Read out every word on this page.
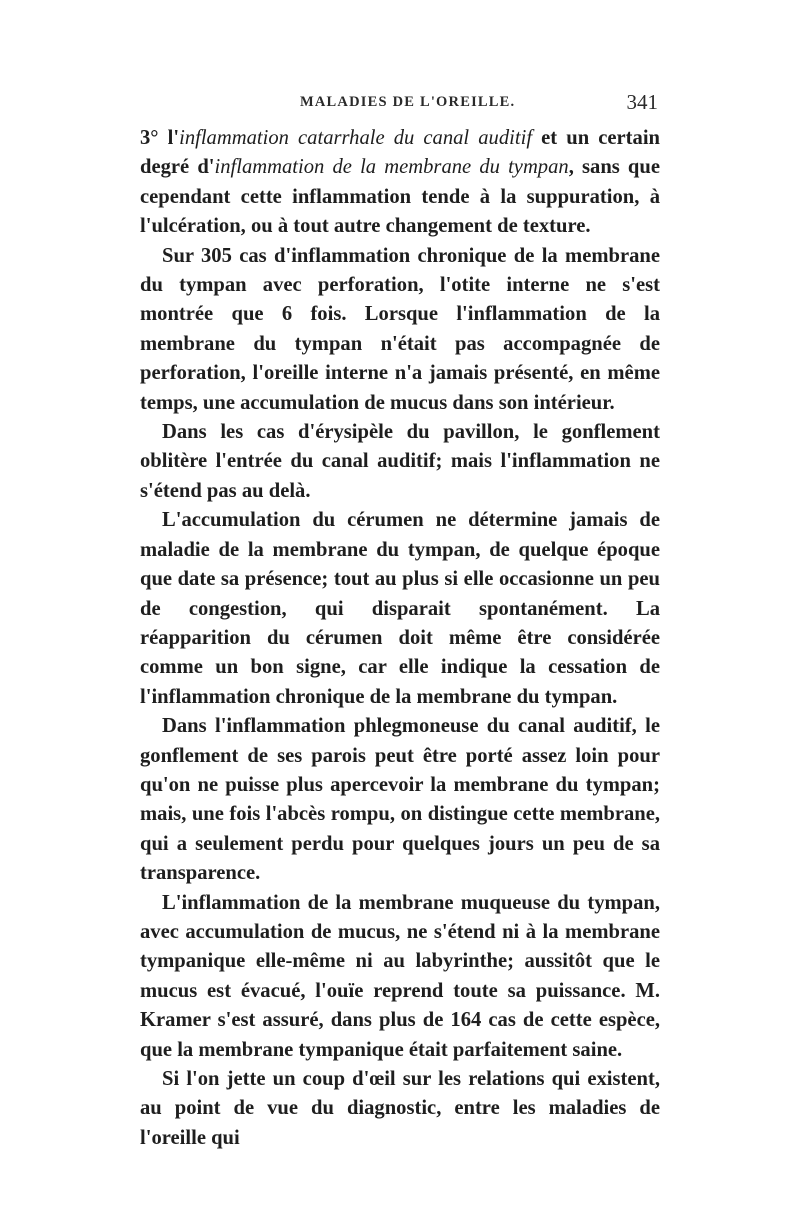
MALADIES DE L'OREILLE.	341

3° l'inflammation catarrhale du canal auditif et un certain degré d'inflammation de la membrane du tympan, sans que cependant cette inflammation tende à la suppuration, à l'ulcération, ou à tout autre changement de texture.

Sur 305 cas d'inflammation chronique de la membrane du tympan avec perforation, l'otite interne ne s'est montrée que 6 fois. Lorsque l'inflammation de la membrane du tympan n'était pas accompagnée de perforation, l'oreille interne n'a jamais présenté, en même temps, une accumulation de mucus dans son intérieur.

Dans les cas d'érysipèle du pavillon, le gonflement oblitère l'entrée du canal auditif; mais l'inflammation ne s'étend pas au delà.

L'accumulation du cérumen ne détermine jamais de maladie de la membrane du tympan, de quelque époque que date sa présence; tout au plus si elle occasionne un peu de congestion, qui disparait spontanément. La réapparition du cérumen doit même être considérée comme un bon signe, car elle indique la cessation de l'inflammation chronique de la membrane du tympan.

Dans l'inflammation phlegmoneuse du canal auditif, le gonflement de ses parois peut être porté assez loin pour qu'on ne puisse plus apercevoir la membrane du tympan; mais, une fois l'abcès rompu, on distingue cette membrane, qui a seulement perdu pour quelques jours un peu de sa transparence.

L'inflammation de la membrane muqueuse du tympan, avec accumulation de mucus, ne s'étend ni à la membrane tympanique elle-même ni au labyrinthe; aussitôt que le mucus est évacué, l'ouïe reprend toute sa puissance. M. Kramer s'est assuré, dans plus de 164 cas de cette espèce, que la membrane tympanique était parfaitement saine.

Si l'on jette un coup d'œil sur les relations qui existent, au point de vue du diagnostic, entre les maladies de l'oreille qui
